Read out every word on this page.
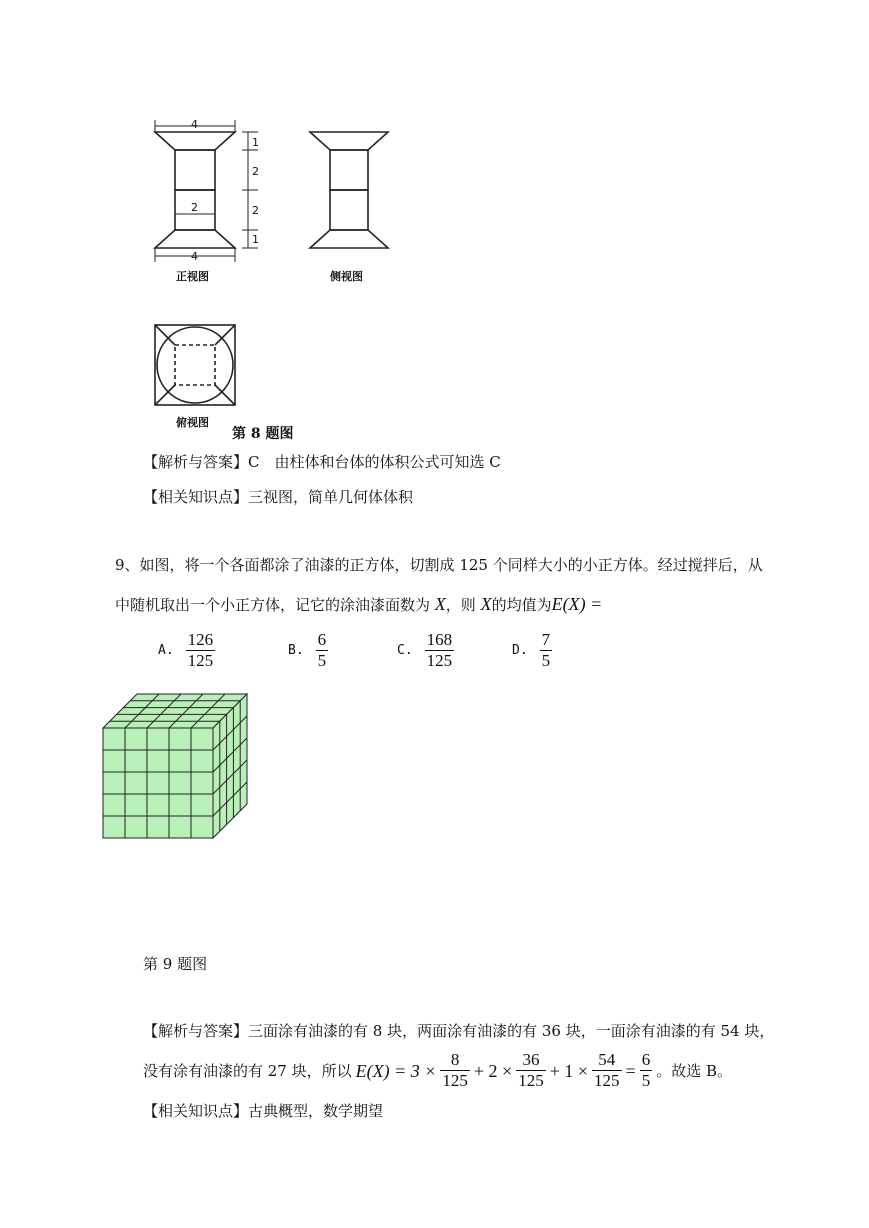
4
2
4
1
2
2
1
正视图	侧视图
俯视图
第 8 题图
【解析与答案】C　由柱体和台体的体积公式可知选 C
【相关知识点】三视图，简单几何体体积
9、如图，将一个各面都涂了油漆的正方体，切割成 125 个同样大小的小正方体。经过搅拌后，从
中随机取出一个小正方体，记它的涂油漆面数为 X，则 X的均值为E(X) =
A. $\frac{126}{125}$	B. $\frac{6}{5}$	C. $\frac{168}{125}$	D. $\frac{7}{5}$
第 9 题图
【解析与答案】三面涂有油漆的有 8 块，两面涂有油漆的有 36 块，一面涂有油漆的有 54 块，
没有涂有油漆的有 27 块，所以 $E(X) = 3 \times \frac{8}{125} + 2 \times \frac{36}{125} + 1 \times \frac{54}{125} = \frac{6}{5}$ 。故选 B。
【相关知识点】古典概型，数学期望
